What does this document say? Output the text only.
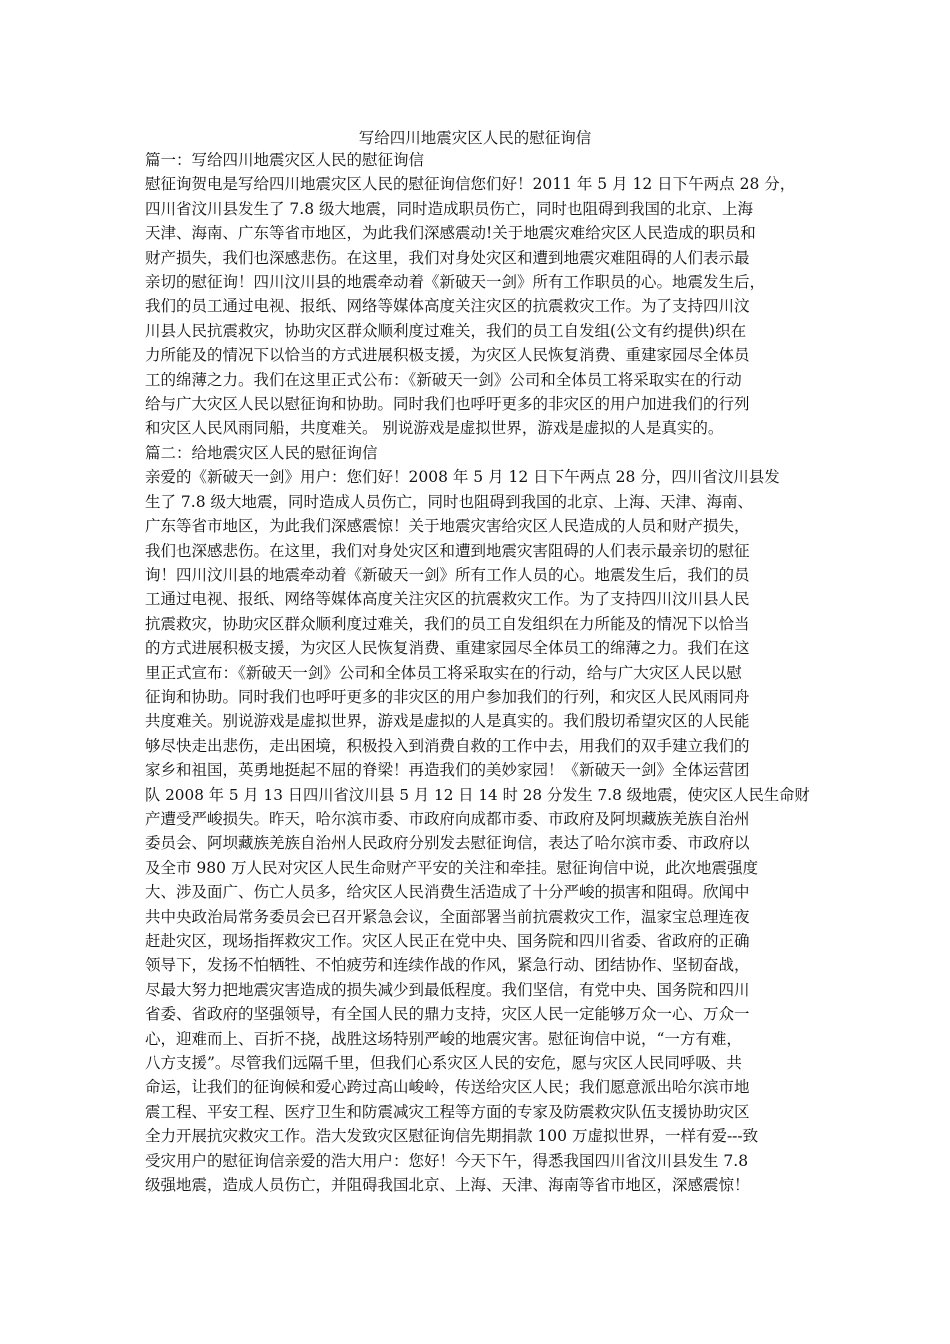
写给四川地震灾区人民的慰征询信

篇一：写给四川地震灾区人民的慰征询信

慰征询贺电是写给四川地震灾区人民的慰征询信您们好！2011 年 5 月 12 日下午两点 28 分，

四川省汶川县发生了 7.8 级大地震，同时造成职员伤亡，同时也阻碍到我国的北京、上海

天津、海南、广东等省市地区，为此我们深感震动!关于地震灾难给灾区人民造成的职员和

财产损失，我们也深感悲伤。在这里，我们对身处灾区和遭到地震灾难阻碍的人们表示最

亲切的慰征询！四川汶川县的地震牵动着《新破天一剑》所有工作职员的心。地震发生后，

我们的员工通过电视、报纸、网络等媒体高度关注灾区的抗震救灾工作。为了支持四川汶

川县人民抗震救灾，协助灾区群众顺利度过难关，我们的员工自发组(公文有约提供)织在

力所能及的情况下以恰当的方式进展积极支援，为灾区人民恢复消费、重建家园尽全体员

工的绵薄之力。我们在这里正式公布：《新破天一剑》公司和全体员工将采取实在的行动

给与广大灾区人民以慰征询和协助。同时我们也呼吁更多的非灾区的用户加进我们的行列

和灾区人民风雨同船，共度难关。 别说游戏是虚拟世界，游戏是虚拟的人是真实的。

篇二：给地震灾区人民的慰征询信

亲爱的《新破天一剑》用户：您们好！2008 年 5 月 12 日下午两点 28 分，四川省汶川县发

生了 7.8 级大地震，同时造成人员伤亡，同时也阻碍到我国的北京、上海、天津、海南、

广东等省市地区，为此我们深感震惊！关于地震灾害给灾区人民造成的人员和财产损失，

我们也深感悲伤。在这里，我们对身处灾区和遭到地震灾害阻碍的人们表示最亲切的慰征

询！四川汶川县的地震牵动着《新破天一剑》所有工作人员的心。地震发生后，我们的员

工通过电视、报纸、网络等媒体高度关注灾区的抗震救灾工作。为了支持四川汶川县人民

抗震救灾，协助灾区群众顺利度过难关，我们的员工自发组织在力所能及的情况下以恰当

的方式进展积极支援，为灾区人民恢复消费、重建家园尽全体员工的绵薄之力。我们在这

里正式宣布：《新破天一剑》公司和全体员工将采取实在的行动，给与广大灾区人民以慰

征询和协助。同时我们也呼吁更多的非灾区的用户参加我们的行列，和灾区人民风雨同舟

共度难关。别说游戏是虚拟世界，游戏是虚拟的人是真实的。我们殷切希望灾区的人民能

够尽快走出悲伤，走出困境，积极投入到消费自救的工作中去，用我们的双手建立我们的

家乡和祖国，英勇地挺起不屈的脊梁！再造我们的美妙家园！《新破天一剑》全体运营团

队 2008 年 5 月 13 日四川省汶川县 5 月 12 日 14 时 28 分发生 7.8 级地震，使灾区人民生命财

产遭受严峻损失。昨天，哈尔滨市委、市政府向成都市委、市政府及阿坝藏族羌族自治州

委员会、阿坝藏族羌族自治州人民政府分别发去慰征询信，表达了哈尔滨市委、市政府以

及全市 980 万人民对灾区人民生命财产平安的关注和牵挂。慰征询信中说，此次地震强度

大、涉及面广、伤亡人员多，给灾区人民消费生活造成了十分严峻的损害和阻碍。欣闻中

共中央政治局常务委员会已召开紧急会议，全面部署当前抗震救灾工作，温家宝总理连夜

赶赴灾区，现场指挥救灾工作。灾区人民正在党中央、国务院和四川省委、省政府的正确

领导下，发扬不怕牺牲、不怕疲劳和连续作战的作风，紧急行动、团结协作、坚韧奋战，

尽最大努力把地震灾害造成的损失减少到最低程度。我们坚信，有党中央、国务院和四川

省委、省政府的坚强领导，有全国人民的鼎力支持，灾区人民一定能够万众一心、万众一

心，迎难而上、百折不挠，战胜这场特别严峻的地震灾害。慰征询信中说，“一方有难，

八方支援”。尽管我们远隔千里，但我们心系灾区人民的安危，愿与灾区人民同呼吸、共

命运，让我们的征询候和爱心跨过高山峻岭，传送给灾区人民；我们愿意派出哈尔滨市地

震工程、平安工程、医疗卫生和防震减灾工程等方面的专家及防震救灾队伍支援协助灾区

全力开展抗灾救灾工作。浩大发致灾区慰征询信先期捐款 100 万虚拟世界，一样有爱---致

受灾用户的慰征询信亲爱的浩大用户：您好！今天下午，得悉我国四川省汶川县发生 7.8

级强地震，造成人员伤亡，并阻碍我国北京、上海、天津、海南等省市地区，深感震惊！
